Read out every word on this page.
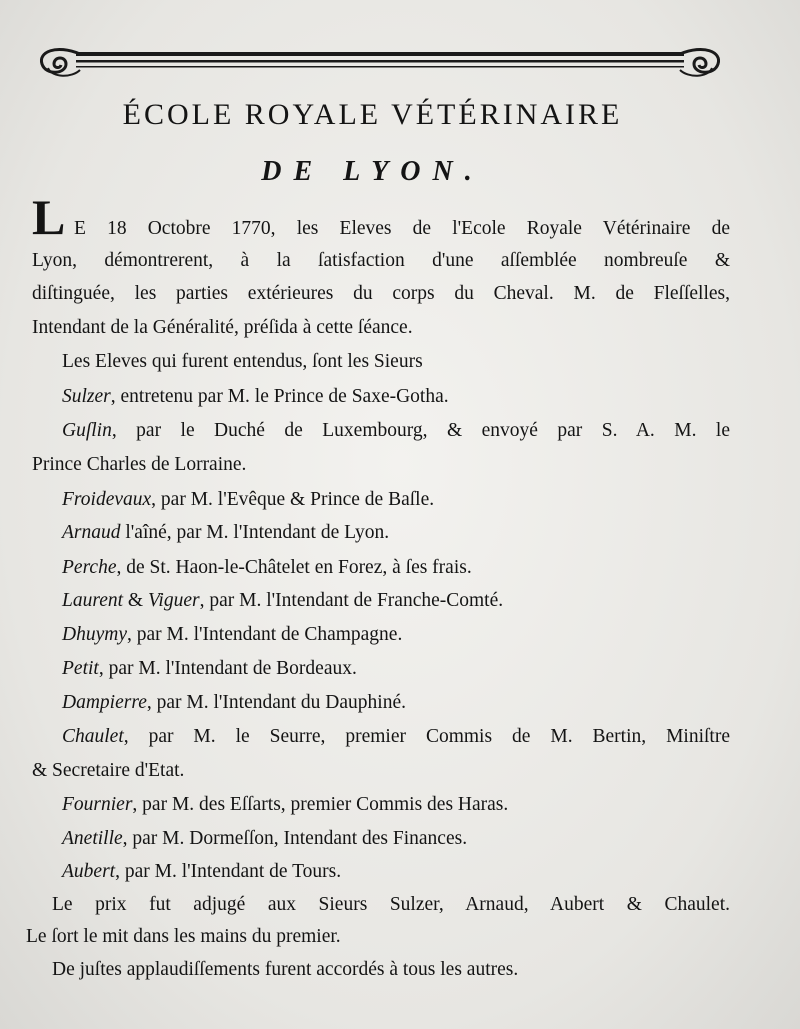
ÉCOLE ROYALE VÉTÉRINAIRE
DE LYON.
L E 18 Octobre 1770, les Eleves de l'Ecole Royale Vétérinaire de
Lyon, démontrerent, à la ſatisfaction d'une aſſemblée nombreuſe &
diſtinguée, les parties extérieures du corps du Cheval. M. de Fleſſelles,
Intendant de la Généralité, préſida à cette ſéance.
Les Eleves qui furent entendus, ſont les Sieurs
Sulzer, entretenu par M. le Prince de Saxe-Gotha.
Guſlin, par le Duché de Luxembourg, & envoyé par S. A. M. le
Prince Charles de Lorraine.
Froidevaux, par M. l'Evêque & Prince de Baſle.
Arnaud l'aîné, par M. l'Intendant de Lyon.
Perche, de St. Haon-le-Châtelet en Forez, à ſes frais.
Laurent & Viguer, par M. l'Intendant de Franche-Comté.
Dhuymy, par M. l'Intendant de Champagne.
Petit, par M. l'Intendant de Bordeaux.
Dampierre, par M. l'Intendant du Dauphiné.
Chaulet, par M. le Seurre, premier Commis de M. Bertin, Miniſtre
& Secretaire d'Etat.
Fournier, par M. des Eſſarts, premier Commis des Haras.
Anetille, par M. Dormeſſon, Intendant des Finances.
Aubert, par M. l'Intendant de Tours.
Le prix fut adjugé aux Sieurs Sulzer, Arnaud, Aubert & Chaulet.
Le ſort le mit dans les mains du premier.
De juſtes applaudiſſements furent accordés à tous les autres.
